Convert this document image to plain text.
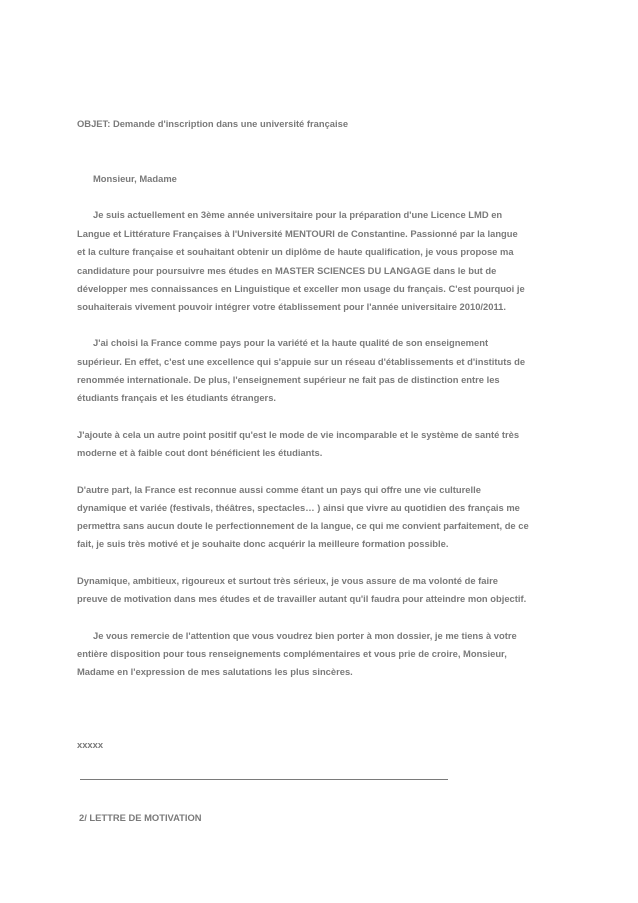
OBJET: Demande d'inscription dans une université française
Monsieur, Madame
Je suis actuellement en 3ème année universitaire pour la préparation d'une Licence LMD en
Langue et Littérature Françaises à l'Université MENTOURI de Constantine. Passionné par la langue
et la culture française et souhaitant obtenir un diplôme de haute qualification, je vous propose ma
candidature pour poursuivre mes études en MASTER SCIENCES DU LANGAGE dans le but de
développer mes connaissances en Linguistique et exceller mon usage du français. C'est pourquoi je
souhaiterais vivement pouvoir intégrer votre établissement pour l'année universitaire 2010/2011.
J'ai choisi la France comme pays pour la variété et la haute qualité de son enseignement
supérieur. En effet, c'est une excellence qui s'appuie sur un réseau d'établissements et d'instituts de
renommée internationale. De plus, l'enseignement supérieur ne fait pas de distinction entre les
étudiants français et les étudiants étrangers.
J'ajoute à cela un autre point positif qu'est le mode de vie incomparable et le système de santé très
moderne et à faible cout dont bénéficient les étudiants.
D'autre part, la France est reconnue aussi comme étant un pays qui offre une vie culturelle
dynamique et variée (festivals, théâtres, spectacles… ) ainsi que vivre au quotidien des français me
permettra sans aucun doute le perfectionnement de la langue, ce qui me convient parfaitement, de ce
fait, je suis très motivé et je souhaite donc acquérir la meilleure formation possible.
Dynamique, ambitieux, rigoureux et surtout très sérieux, je vous assure de ma volonté de faire
preuve de motivation dans mes études et de travailler autant qu'il faudra pour atteindre mon objectif.
Je vous remercie de l'attention que vous voudrez bien porter à mon dossier, je me tiens à votre
entière disposition pour tous renseignements complémentaires et vous prie de croire, Monsieur,
Madame en l'expression de mes salutations les plus sincères.
xxxxx
2/ LETTRE DE MOTIVATION
